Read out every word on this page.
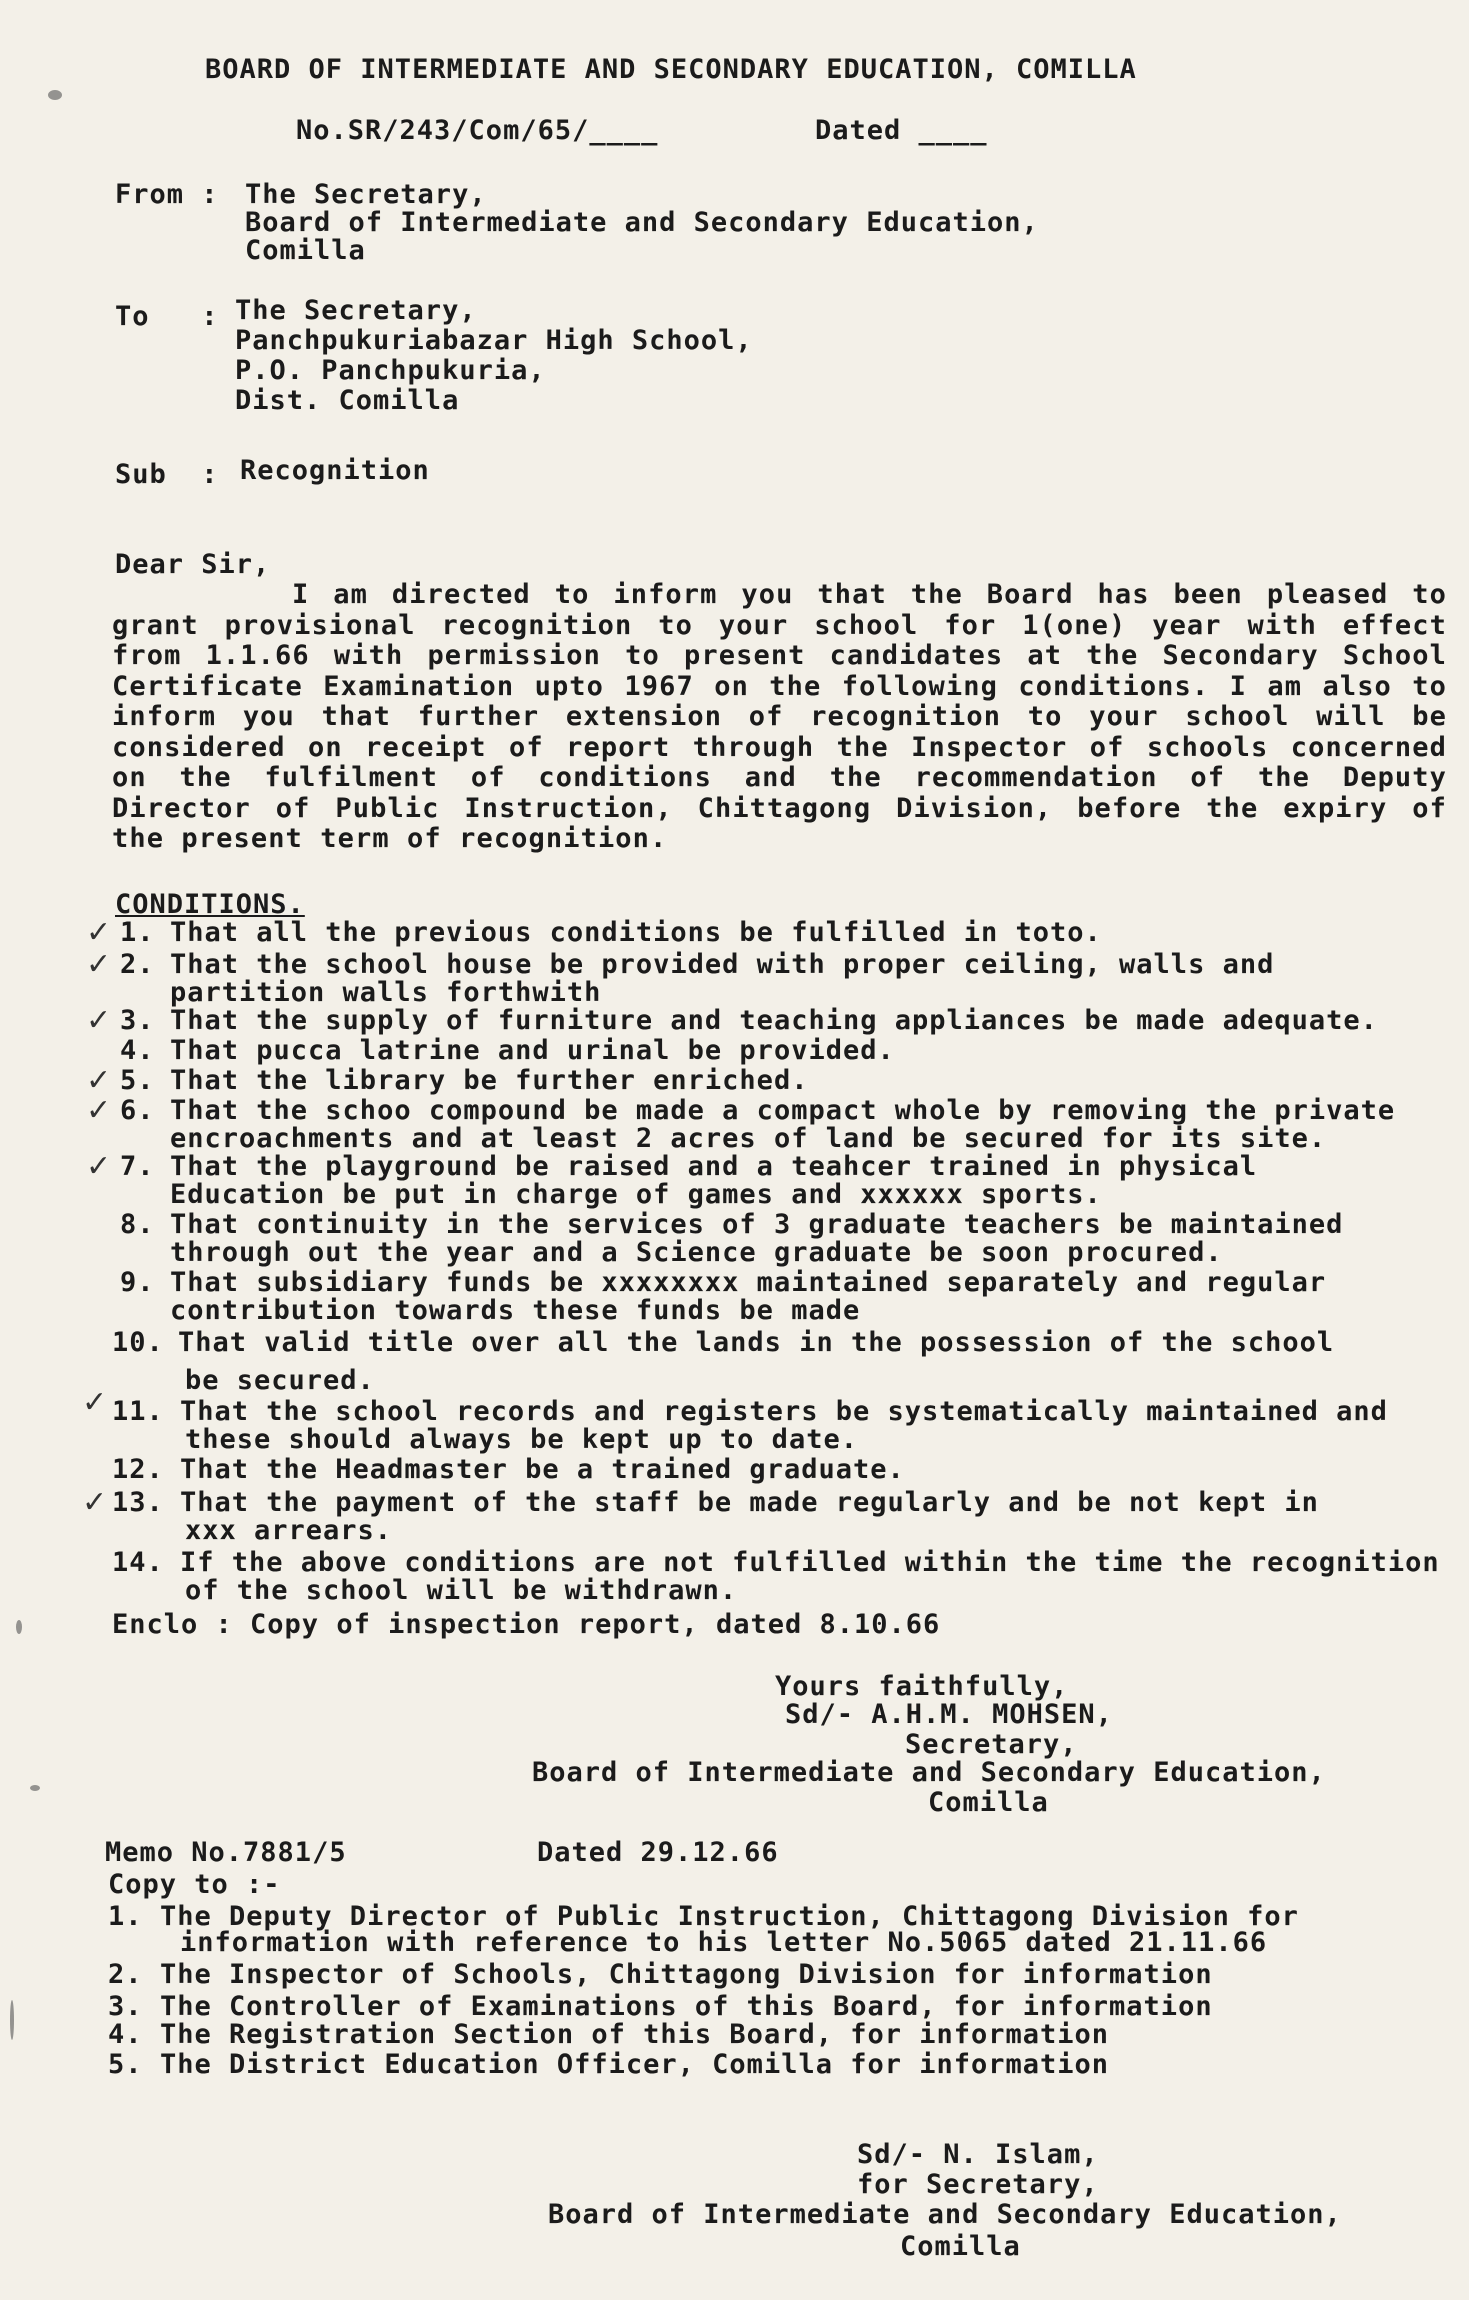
BOARD OF INTERMEDIATE AND SECONDARY EDUCATION, COMILLA
No.SR/243/Com/65/____	Dated ____
From : The Secretary,
Board of Intermediate and Secondary Education,
Comilla
To   : The Secretary,
Panchpukuriabazar High School,
P.O. Panchpukuria,
Dist. Comilla
Sub  : Recognition
Dear Sir,
I am directed to inform you that the Board has been pleased to grant provisional recognition to your school for 1(one) year with effect from 1.1.66 with permission to present candidates at the Secondary School Certificate Examination upto 1967 on the following conditions. I am also to inform you that further extension of recognition to your school will be considered on receipt of report through the Inspector of schools concerned on the fulfilment of conditions and the recommendation of the Deputy Director of Public Instruction, Chittagong Division, before the expiry of the present term of recognition.
CONDITIONS.
✓ 1. That all the previous conditions be fulfilled in toto.
✓ 2. That the school house be provided with proper ceiling, walls and
partition walls forthwith
✓ 3. That the supply of furniture and teaching appliances be made adequate.
4. That pucca latrine and urinal be provided.
✓ 5. That the library be further enriched.
✓ 6. That the schoo compound be made a compact whole by removing the private
encroachments and at least 2 acres of land be secured for its site.
✓ 7. That the playground be raised and a teahcer trained in physical
Education be put in charge of games and xxxxxx sports.
8. That continuity in the services of 3 graduate teachers be maintained
through out the year and a Science graduate be soon procured.
9. That subsidiary funds be xxxxxxxx maintained separately and regular
contribution towards these funds be made
10. That valid title over all the lands in the possession of the school
be secured.
✓ 11. That the school records and registers be systematically maintained and
these should always be kept up to date.
12. That the Headmaster be a trained graduate.
✓ 13. That the payment of the staff be made regularly and be not kept in
xxx arrears.
14. If the above conditions are not fulfilled within the time the recognition
of the school will be withdrawn.
Enclo : Copy of inspection report, dated 8.10.66
Yours faithfully,
Sd/- A.H.M. MOHSEN,
Secretary,
Board of Intermediate and Secondary Education,
Comilla
Memo No.7881/5	Dated 29.12.66
Copy to :-
1. The Deputy Director of Public Instruction, Chittagong Division for
information with reference to his letter No.5065 dated 21.11.66
2. The Inspector of Schools, Chittagong Division for information
3. The Controller of Examinations of this Board, for information
4. The Registration Section of this Board, for information
5. The District Education Officer, Comilla for information
Sd/- N. Islam,
for Secretary,
Board of Intermediate and Secondary Education,
Comilla
